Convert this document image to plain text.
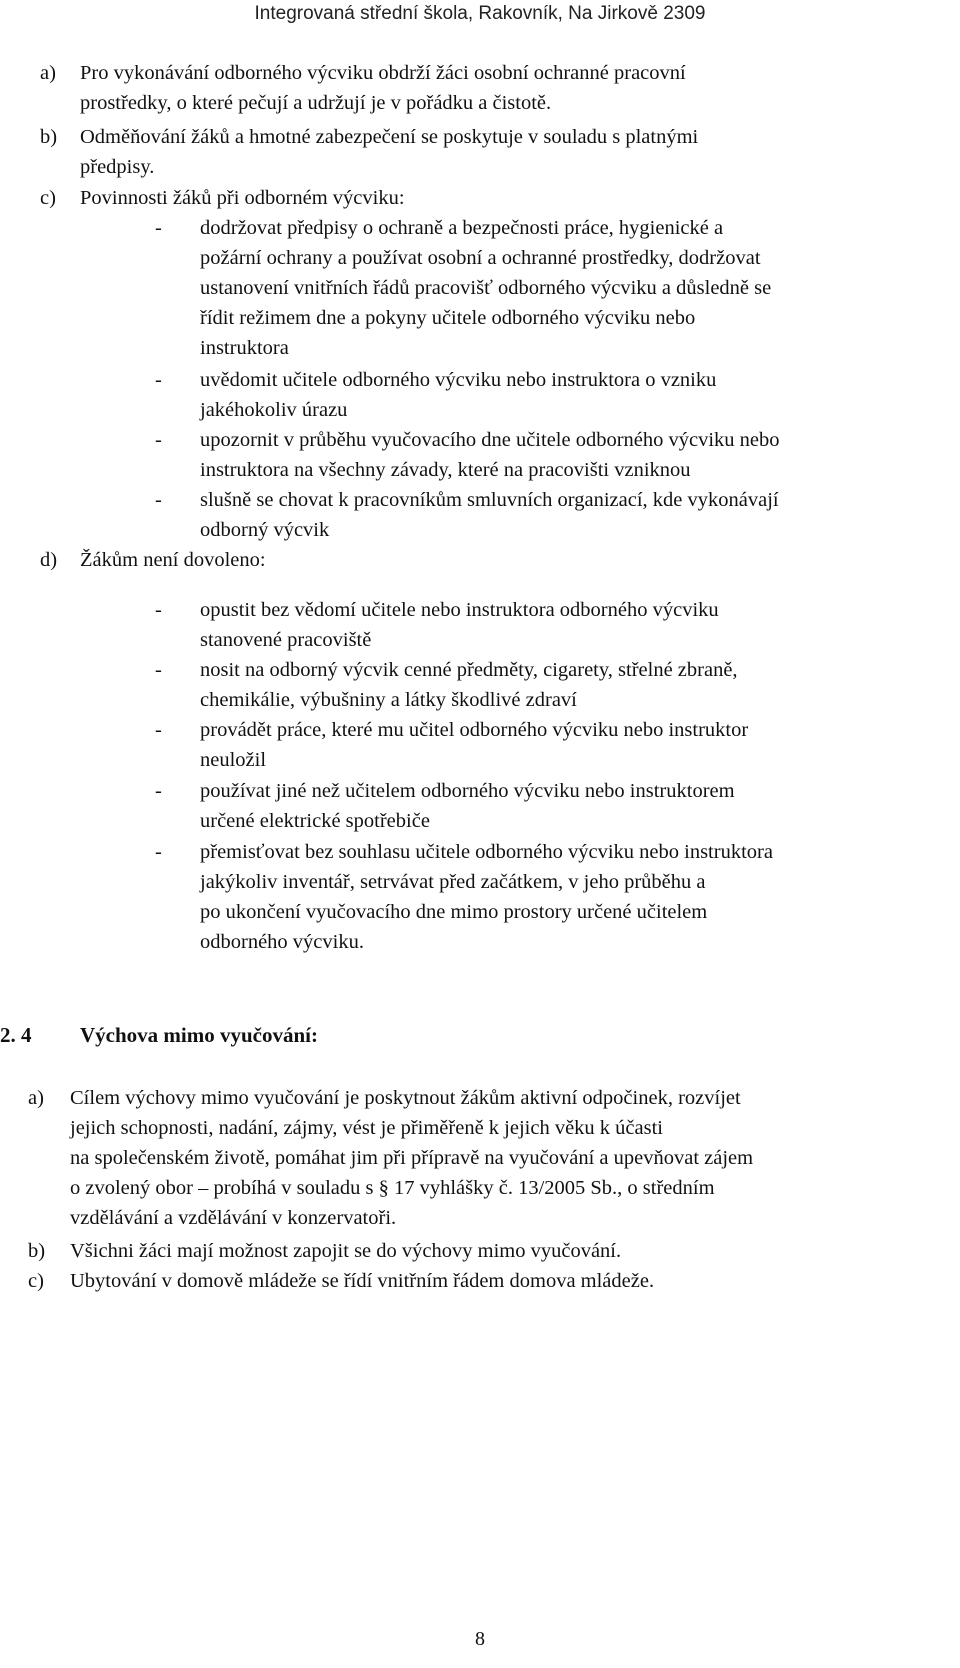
Integrovaná střední škola, Rakovník, Na Jirkově 2309
a) Pro vykonávání odborného výcviku obdrží žáci osobní ochranné pracovní
prostředky, o které pečují a udržují je v pořádku a čistotě.
b) Odměňování žáků a hmotné zabezpečení se poskytuje v souladu s platnými
předpisy.
c) Povinnosti žáků při odborném výcviku:
- dodržovat předpisy o ochraně a bezpečnosti práce, hygienické a
požární ochrany a používat osobní a ochranné prostředky, dodržovat
ustanovení vnitřních řádů pracovišť odborného výcviku a důsledně se
řídit režimem dne a pokyny učitele odborného výcviku nebo
instruktora
- uvědomit učitele odborného výcviku nebo instruktora o vzniku
jakéhokoliv úrazu
- upozornit v průběhu vyučovacího dne učitele odborného výcviku nebo
instruktora na všechny závady, které na pracovišti vzniknou
- slušně se chovat k pracovníkům smluvních organizací, kde vykonávají
odborný výcvik
d) Žákům není dovoleno:
- opustit bez vědomí učitele nebo instruktora odborného výcviku
stanovené pracoviště
- nosit na odborný výcvik cenné předměty, cigarety, střelné zbraně,
chemikálie, výbušniny a látky škodlivé zdraví
- provádět práce, které mu učitel odborného výcviku nebo instruktor
neuložil
- používat jiné než učitelem odborného výcviku nebo instruktorem
určené elektrické spotřebiče
- přemisťovat bez souhlasu učitele odborného výcviku nebo instruktora
jakýkoliv inventář, setrvávat před začátkem, v jeho průběhu a
po ukončení vyučovacího dne mimo prostory určené učitelem
odborného výcviku.
2. 4 Výchova mimo vyučování:
a) Cílem výchovy mimo vyučování je poskytnout žákům aktivní odpočinek, rozvíjet
jejich schopnosti, nadání, zájmy, vést je přiměřeně k jejich věku k účasti
na společenském životě, pomáhat jim při přípravě na vyučování a upevňovat zájem
o zvolený obor – probíhá v souladu s § 17 vyhlášky č. 13/2005 Sb., o středním
vzdělávání a vzdělávání v konzervatoři.
b) Všichni žáci mají možnost zapojit se do výchovy mimo vyučování.
c) Ubytování v domově mládeže se řídí vnitřním řádem domova mládeže.
8
